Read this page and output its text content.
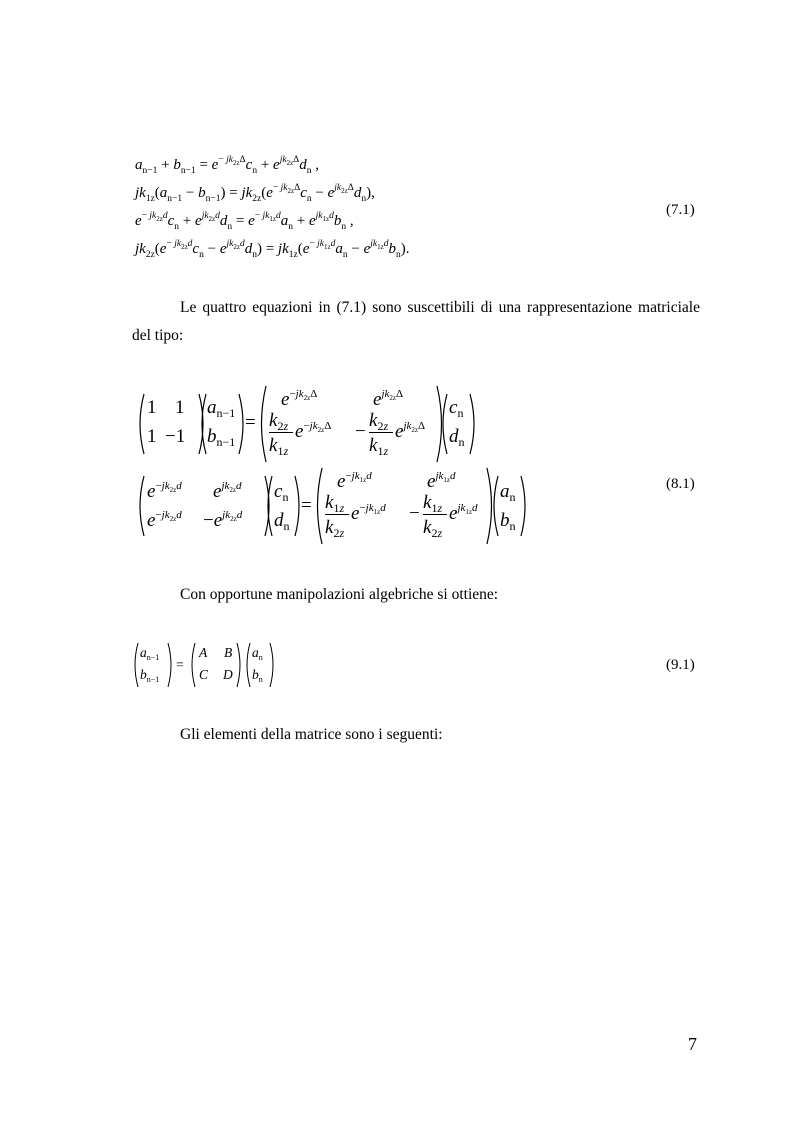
$a_{n-1} + b_{n-1} = e^{- jk_{2z}\Delta}c_n + e^{jk_{2z}\Delta}d_n$ ,
$jk_{1z}(a_{n-1} - b_{n-1}) = jk_{2z}(e^{- jk_{2z}\Delta}c_n - e^{jk_{2z}\Delta}d_n)$,
$e^{- jk_{2z}d}c_n + e^{jk_{2z}d}d_n = e^{- jk_{1z}d}a_n + e^{jk_{1z}d}b_n$ ,
$jk_{2z}(e^{- jk_{2z}d}c_n - e^{jk_{2z}d}d_n) = jk_{1z}(e^{- jk_{1z}d}a_n - e^{jk_{1z}d}b_n)$.
(7.1)
Le quattro equazioni in (7.1) sono suscettibili di una rappresentazione matriciale del tipo:
1 1
1 −1
$a_{n-1}$
$b_{n-1}$
=
$e^{-jk_{2z}\Delta}$	$e^{jk_{2z}\Delta}$
$k_{2z}$
$k_{1z}$
$e^{-jk_{2z}\Delta}$ −
$k_{2z}$
$k_{1z}$
$e^{jk_{2z}\Delta}$
$c_n$
$d_n$
$e^{-jk_{2z}d}$ $e^{jk_{2z}d}$
$e^{-jk_{2z}d} -e^{jk_{2z}d}$
$c_n$
$d_n$
=
$e^{-jk_{1z}d}$	$e^{jk_{1z}d}$
$k_{1z}$
$k_{2z}$
$e^{-jk_{1z}d}$ −
$k_{1z}$
$k_{2z}$
$e^{jk_{1z}d}$
$a_n$
$b_n$
(8.1)
Con opportune manipolazioni algebriche si ottiene:
$a_{n-1}$
$b_{n-1}$
=
A B
C D
$a_n$
$b_n$
(9.1)
Gli elementi della matrice sono i seguenti:
7
